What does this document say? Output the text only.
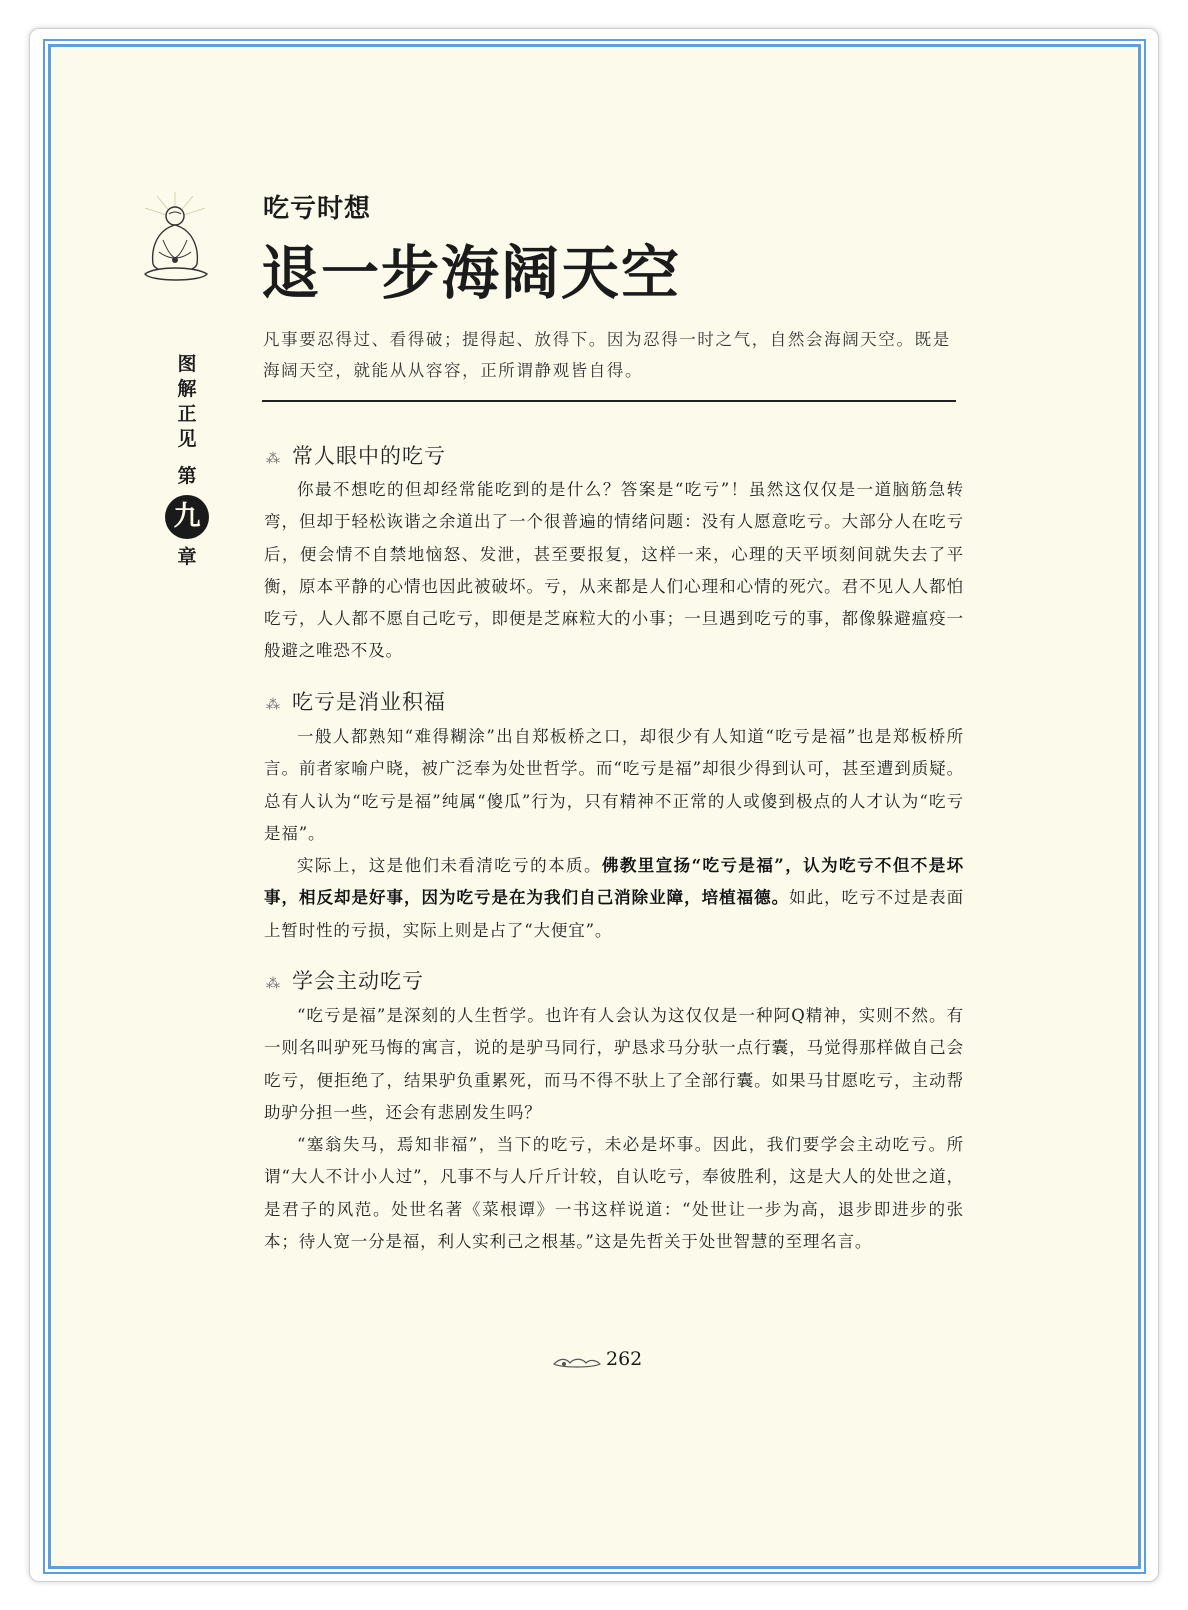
图
解
正
见
第
九
章
吃亏时想
退一步海阔天空
凡事要忍得过、看得破；提得起、放得下。因为忍得一时之气，自然会海阔天空。既是海阔天空，就能从从容容，正所谓静观皆自得。
⁂ 常人眼中的吃亏

你最不想吃的但却经常能吃到的是什么？答案是“吃亏”！虽然这仅仅是一道脑筋急转弯，但却于轻松诙谐之余道出了一个很普遍的情绪问题：没有人愿意吃亏。大部分人在吃亏后，便会情不自禁地恼怒、发泄，甚至要报复，这样一来，心理的天平顷刻间就失去了平衡，原本平静的心情也因此被破坏。亏，从来都是人们心理和心情的死穴。君不见人人都怕吃亏，人人都不愿自己吃亏，即便是芝麻粒大的小事；一旦遇到吃亏的事，都像躲避瘟疫一般避之唯恐不及。

⁂ 吃亏是消业积福

一般人都熟知“难得糊涂”出自郑板桥之口，却很少有人知道“吃亏是福”也是郑板桥所言。前者家喻户晓，被广泛奉为处世哲学。而“吃亏是福”却很少得到认可，甚至遭到质疑。总有人认为“吃亏是福”纯属“傻瓜”行为，只有精神不正常的人或傻到极点的人才认为“吃亏是福”。

实际上，这是他们未看清吃亏的本质。佛教里宣扬“吃亏是福”，认为吃亏不但不是坏事，相反却是好事，因为吃亏是在为我们自己消除业障，培植福德。如此，吃亏不过是表面上暂时性的亏损，实际上则是占了“大便宜”。

⁂ 学会主动吃亏

“吃亏是福”是深刻的人生哲学。也许有人会认为这仅仅是一种阿Q精神，实则不然。有一则名叫驴死马悔的寓言，说的是驴马同行，驴恳求马分驮一点行囊，马觉得那样做自己会吃亏，便拒绝了，结果驴负重累死，而马不得不驮上了全部行囊。如果马甘愿吃亏，主动帮助驴分担一些，还会有悲剧发生吗？

“塞翁失马，焉知非福”，当下的吃亏，未必是坏事。因此，我们要学会主动吃亏。所谓“大人不计小人过”，凡事不与人斤斤计较，自认吃亏，奉彼胜利，这是大人的处世之道，是君子的风范。处世名著《菜根谭》一书这样说道：“处世让一步为高，退步即进步的张本；待人宽一分是福，利人实利己之根基。”这是先哲关于处世智慧的至理名言。

262
